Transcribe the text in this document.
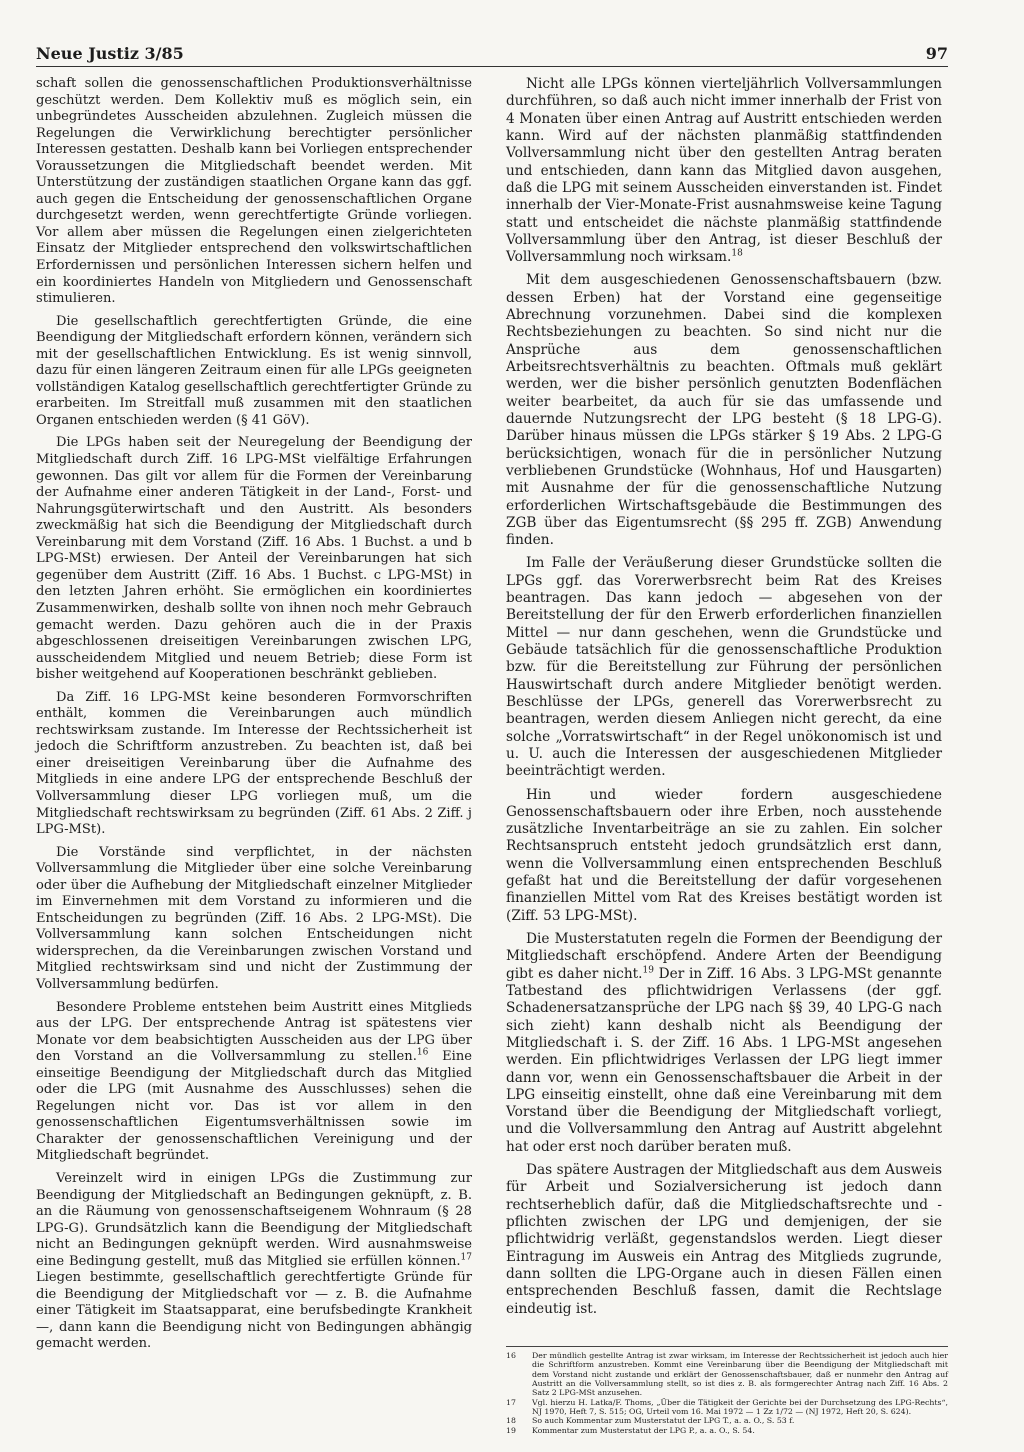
Neue Justiz 3/85	97

schaft sollen die genossenschaftlichen Produktionsverhältnisse geschützt werden. Dem Kollektiv muß es möglich sein, ein unbegründetes Ausscheiden abzulehnen. Zugleich müssen die Regelungen die Verwirklichung berechtigter persönlicher Interessen gestatten. Deshalb kann bei Vorliegen entsprechender Voraussetzungen die Mitgliedschaft beendet werden. Mit Unterstützung der zuständigen staatlichen Organe kann das ggf. auch gegen die Entscheidung der genossenschaftlichen Organe durchgesetzt werden, wenn gerechtfertigte Gründe vorliegen. Vor allem aber müssen die Regelungen einen zielgerichteten Einsatz der Mitglieder entsprechend den volkswirtschaftlichen Erfordernissen und persönlichen Interessen sichern helfen und ein koordiniertes Handeln von Mitgliedern und Genossenschaft stimulieren.

Die gesellschaftlich gerechtfertigten Gründe, die eine Beendigung der Mitgliedschaft erfordern können, verändern sich mit der gesellschaftlichen Entwicklung. Es ist wenig sinnvoll, dazu für einen längeren Zeitraum einen für alle LPGs geeigneten vollständigen Katalog gesellschaftlich gerechtfertigter Gründe zu erarbeiten. Im Streitfall muß zusammen mit den staatlichen Organen entschieden werden (§ 41 GöV).

Die LPGs haben seit der Neuregelung der Beendigung der Mitgliedschaft durch Ziff. 16 LPG-MSt vielfältige Erfahrungen gewonnen. Das gilt vor allem für die Formen der Vereinbarung der Aufnahme einer anderen Tätigkeit in der Land-, Forst- und Nahrungsgüterwirtschaft und den Austritt. Als besonders zweckmäßig hat sich die Beendigung der Mitgliedschaft durch Vereinbarung mit dem Vorstand (Ziff. 16 Abs. 1 Buchst. a und b LPG-MSt) erwiesen. Der Anteil der Vereinbarungen hat sich gegenüber dem Austritt (Ziff. 16 Abs. 1 Buchst. c LPG-MSt) in den letzten Jahren erhöht. Sie ermöglichen ein koordiniertes Zusammenwirken, deshalb sollte von ihnen noch mehr Gebrauch gemacht werden. Dazu gehören auch die in der Praxis abgeschlossenen dreiseitigen Vereinbarungen zwischen LPG, ausscheidendem Mitglied und neuem Betrieb; diese Form ist bisher weitgehend auf Kooperationen beschränkt geblieben.

Da Ziff. 16 LPG-MSt keine besonderen Formvorschriften enthält, kommen die Vereinbarungen auch mündlich rechtswirksam zustande. Im Interesse der Rechtssicherheit ist jedoch die Schriftform anzustreben. Zu beachten ist, daß bei einer dreiseitigen Vereinbarung über die Aufnahme des Mitglieds in eine andere LPG der entsprechende Beschluß der Vollversammlung dieser LPG vorliegen muß, um die Mitgliedschaft rechtswirksam zu begründen (Ziff. 61 Abs. 2 Ziff. j LPG-MSt).

Die Vorstände sind verpflichtet, in der nächsten Vollversammlung die Mitglieder über eine solche Vereinbarung oder über die Aufhebung der Mitgliedschaft einzelner Mitglieder im Einvernehmen mit dem Vorstand zu informieren und die Entscheidungen zu begründen (Ziff. 16 Abs. 2 LPG-MSt). Die Vollversammlung kann solchen Entscheidungen nicht widersprechen, da die Vereinbarungen zwischen Vorstand und Mitglied rechtswirksam sind und nicht der Zustimmung der Vollversammlung bedürfen.

Besondere Probleme entstehen beim Austritt eines Mitglieds aus der LPG. Der entsprechende Antrag ist spätestens vier Monate vor dem beabsichtigten Ausscheiden aus der LPG über den Vorstand an die Vollversammlung zu stellen.$^{16}$ Eine einseitige Beendigung der Mitgliedschaft durch das Mitglied oder die LPG (mit Ausnahme des Ausschlusses) sehen die Regelungen nicht vor. Das ist vor allem in den genossenschaftlichen Eigentumsverhältnissen sowie im Charakter der genossenschaftlichen Vereinigung und der Mitgliedschaft begründet.

Vereinzelt wird in einigen LPGs die Zustimmung zur Beendigung der Mitgliedschaft an Bedingungen geknüpft, z. B. an die Räumung von genossenschaftseigenem Wohnraum (§ 28 LPG-G). Grundsätzlich kann die Beendigung der Mitgliedschaft nicht an Bedingungen geknüpft werden. Wird ausnahmsweise eine Bedingung gestellt, muß das Mitglied sie erfüllen können.$^{17}$ Liegen bestimmte, gesellschaftlich gerechtfertigte Gründe für die Beendigung der Mitgliedschaft vor — z. B. die Aufnahme einer Tätigkeit im Staatsapparat, eine berufsbedingte Krankheit —, dann kann die Beendigung nicht von Bedingungen abhängig gemacht werden.

Nicht alle LPGs können vierteljährlich Vollversammlungen durchführen, so daß auch nicht immer innerhalb der Frist von 4 Monaten über einen Antrag auf Austritt entschieden werden kann. Wird auf der nächsten planmäßig stattfindenden Vollversammlung nicht über den gestellten Antrag beraten und entschieden, dann kann das Mitglied davon ausgehen, daß die LPG mit seinem Ausscheiden einverstanden ist. Findet innerhalb der Vier-Monate-Frist ausnahmsweise keine Tagung statt und entscheidet die nächste planmäßig stattfindende Vollversammlung über den Antrag, ist dieser Beschluß der Vollversammlung noch wirksam.$^{18}$

Mit dem ausgeschiedenen Genossenschaftsbauern (bzw. dessen Erben) hat der Vorstand eine gegenseitige Abrechnung vorzunehmen. Dabei sind die komplexen Rechtsbeziehungen zu beachten. So sind nicht nur die Ansprüche aus dem genossenschaftlichen Arbeitsrechtsverhältnis zu beachten. Oftmals muß geklärt werden, wer die bisher persönlich genutzten Bodenflächen weiter bearbeitet, da auch für sie das umfassende und dauernde Nutzungsrecht der LPG besteht (§ 18 LPG-G). Darüber hinaus müssen die LPGs stärker § 19 Abs. 2 LPG-G berücksichtigen, wonach für die in persönlicher Nutzung verbliebenen Grundstücke (Wohnhaus, Hof und Hausgarten) mit Ausnahme der für die genossenschaftliche Nutzung erforderlichen Wirtschaftsgebäude die Bestimmungen des ZGB über das Eigentumsrecht (§§ 295 ff. ZGB) Anwendung finden.

Im Falle der Veräußerung dieser Grundstücke sollten die LPGs ggf. das Vorerwerbsrecht beim Rat des Kreises beantragen. Das kann jedoch — abgesehen von der Bereitstellung der für den Erwerb erforderlichen finanziellen Mittel — nur dann geschehen, wenn die Grundstücke und Gebäude tatsächlich für die genossenschaftliche Produktion bzw. für die Bereitstellung zur Führung der persönlichen Hauswirtschaft durch andere Mitglieder benötigt werden. Beschlüsse der LPGs, generell das Vorerwerbsrecht zu beantragen, werden diesem Anliegen nicht gerecht, da eine solche „Vorratswirtschaft“ in der Regel unökonomisch ist und u. U. auch die Interessen der ausgeschiedenen Mitglieder beeinträchtigt werden.

Hin und wieder fordern ausgeschiedene Genossenschaftsbauern oder ihre Erben, noch ausstehende zusätzliche Inventarbeiträge an sie zu zahlen. Ein solcher Rechtsanspruch entsteht jedoch grundsätzlich erst dann, wenn die Vollversammlung einen entsprechenden Beschluß gefaßt hat und die Bereitstellung der dafür vorgesehenen finanziellen Mittel vom Rat des Kreises bestätigt worden ist (Ziff. 53 LPG-MSt).

Die Musterstatuten regeln die Formen der Beendigung der Mitgliedschaft erschöpfend. Andere Arten der Beendigung gibt es daher nicht.$^{19}$ Der in Ziff. 16 Abs. 3 LPG-MSt genannte Tatbestand des pflichtwidrigen Verlassens (der ggf. Schadenersatzansprüche der LPG nach §§ 39, 40 LPG-G nach sich zieht) kann deshalb nicht als Beendigung der Mitgliedschaft i. S. der Ziff. 16 Abs. 1 LPG-MSt angesehen werden. Ein pflichtwidriges Verlassen der LPG liegt immer dann vor, wenn ein Genossenschaftsbauer die Arbeit in der LPG einseitig einstellt, ohne daß eine Vereinbarung mit dem Vorstand über die Beendigung der Mitgliedschaft vorliegt, und die Vollversammlung den Antrag auf Austritt abgelehnt hat oder erst noch darüber beraten muß.

Das spätere Austragen der Mitgliedschaft aus dem Ausweis für Arbeit und Sozialversicherung ist jedoch dann rechtserheblich dafür, daß die Mitgliedschaftsrechte und -pflichten zwischen der LPG und demjenigen, der sie pflichtwidrig verläßt, gegenstandslos werden. Liegt dieser Eintragung im Ausweis ein Antrag des Mitglieds zugrunde, dann sollten die LPG-Organe auch in diesen Fällen einen entsprechenden Beschluß fassen, damit die Rechtslage eindeutig ist.

16	Der mündlich gestellte Antrag ist zwar wirksam, im Interesse der Rechtssicherheit ist jedoch auch hier die Schriftform anzustreben. Kommt eine Vereinbarung über die Beendigung der Mitgliedschaft mit dem Vorstand nicht zustande und erklärt der Genossenschaftsbauer, daß er nunmehr den Antrag auf Austritt an die Vollversammlung stellt, so ist dies z. B. als formgerechter Antrag nach Ziff. 16 Abs. 2 Satz 2 LPG-MSt anzusehen.
17	Vgl. hierzu H. Latka/F. Thoms, „Über die Tätigkeit der Gerichte bei der Durchsetzung des LPG-Rechts“, NJ 1970, Heft 7, S. 515; OG, Urteil vom 16. Mai 1972 — 1 Zz 1/72 — (NJ 1972, Heft 20, S. 624).
18	So auch Kommentar zum Musterstatut der LPG T., a. a. O., S. 53 f.
19	Kommentar zum Musterstatut der LPG P., a. a. O., S. 54.
